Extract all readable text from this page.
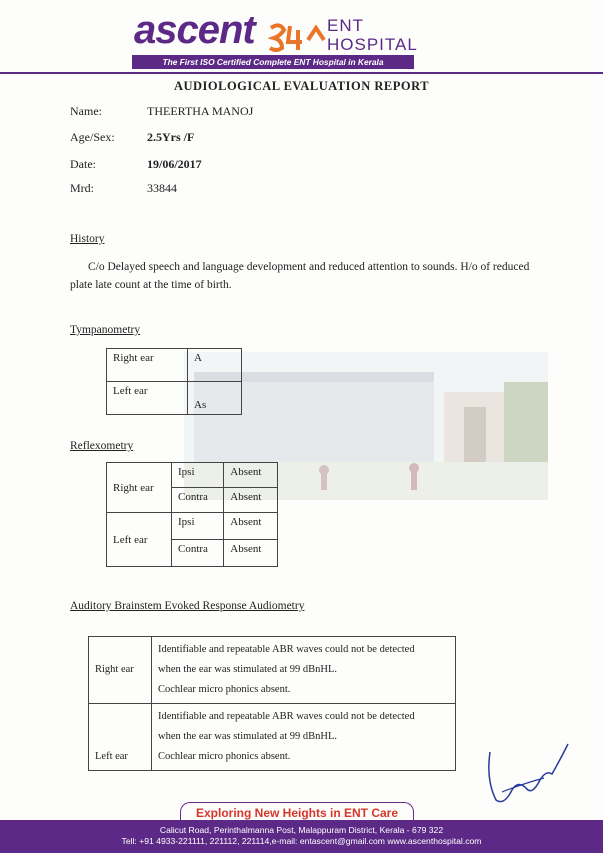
ascent	ENT
HOSPITAL
The First ISO Certified Complete ENT Hospital in Kerala
AUDIOLOGICAL EVALUATION REPORT
Name:	THEERTHA MANOJ
Age/Sex:	2.5Yrs /F
Date:	19/06/2017
Mrd:	33844
History
C/o Delayed speech and language development and reduced attention to sounds. H/o of reduced plate late count at the time of birth.
Tympanometry
Right ear	A
Left ear	As
Reflexometry
Right ear	Ipsi	Absent
	Contra	Absent
Left ear	Ipsi	Absent
	Contra	Absent
Auditory Brainstem Evoked Response Audiometry
Right ear	Identifiable and repeatable ABR waves could not be detected
when the ear was stimulated at 99 dBnHL.
Cochlear micro phonics absent.

Left ear	Identifiable and repeatable ABR waves could not be detected
when the ear was stimulated at 99 dBnHL.
Cochlear micro phonics absent.
Exploring New Heights in ENT Care
Calicut Road, Perinthalmanna Post, Malappuram District, Kerala - 679 322
Tell: +91 4933-221111, 221112, 221114,e-mail: entascent@gmail.com www.ascenthospital.com
